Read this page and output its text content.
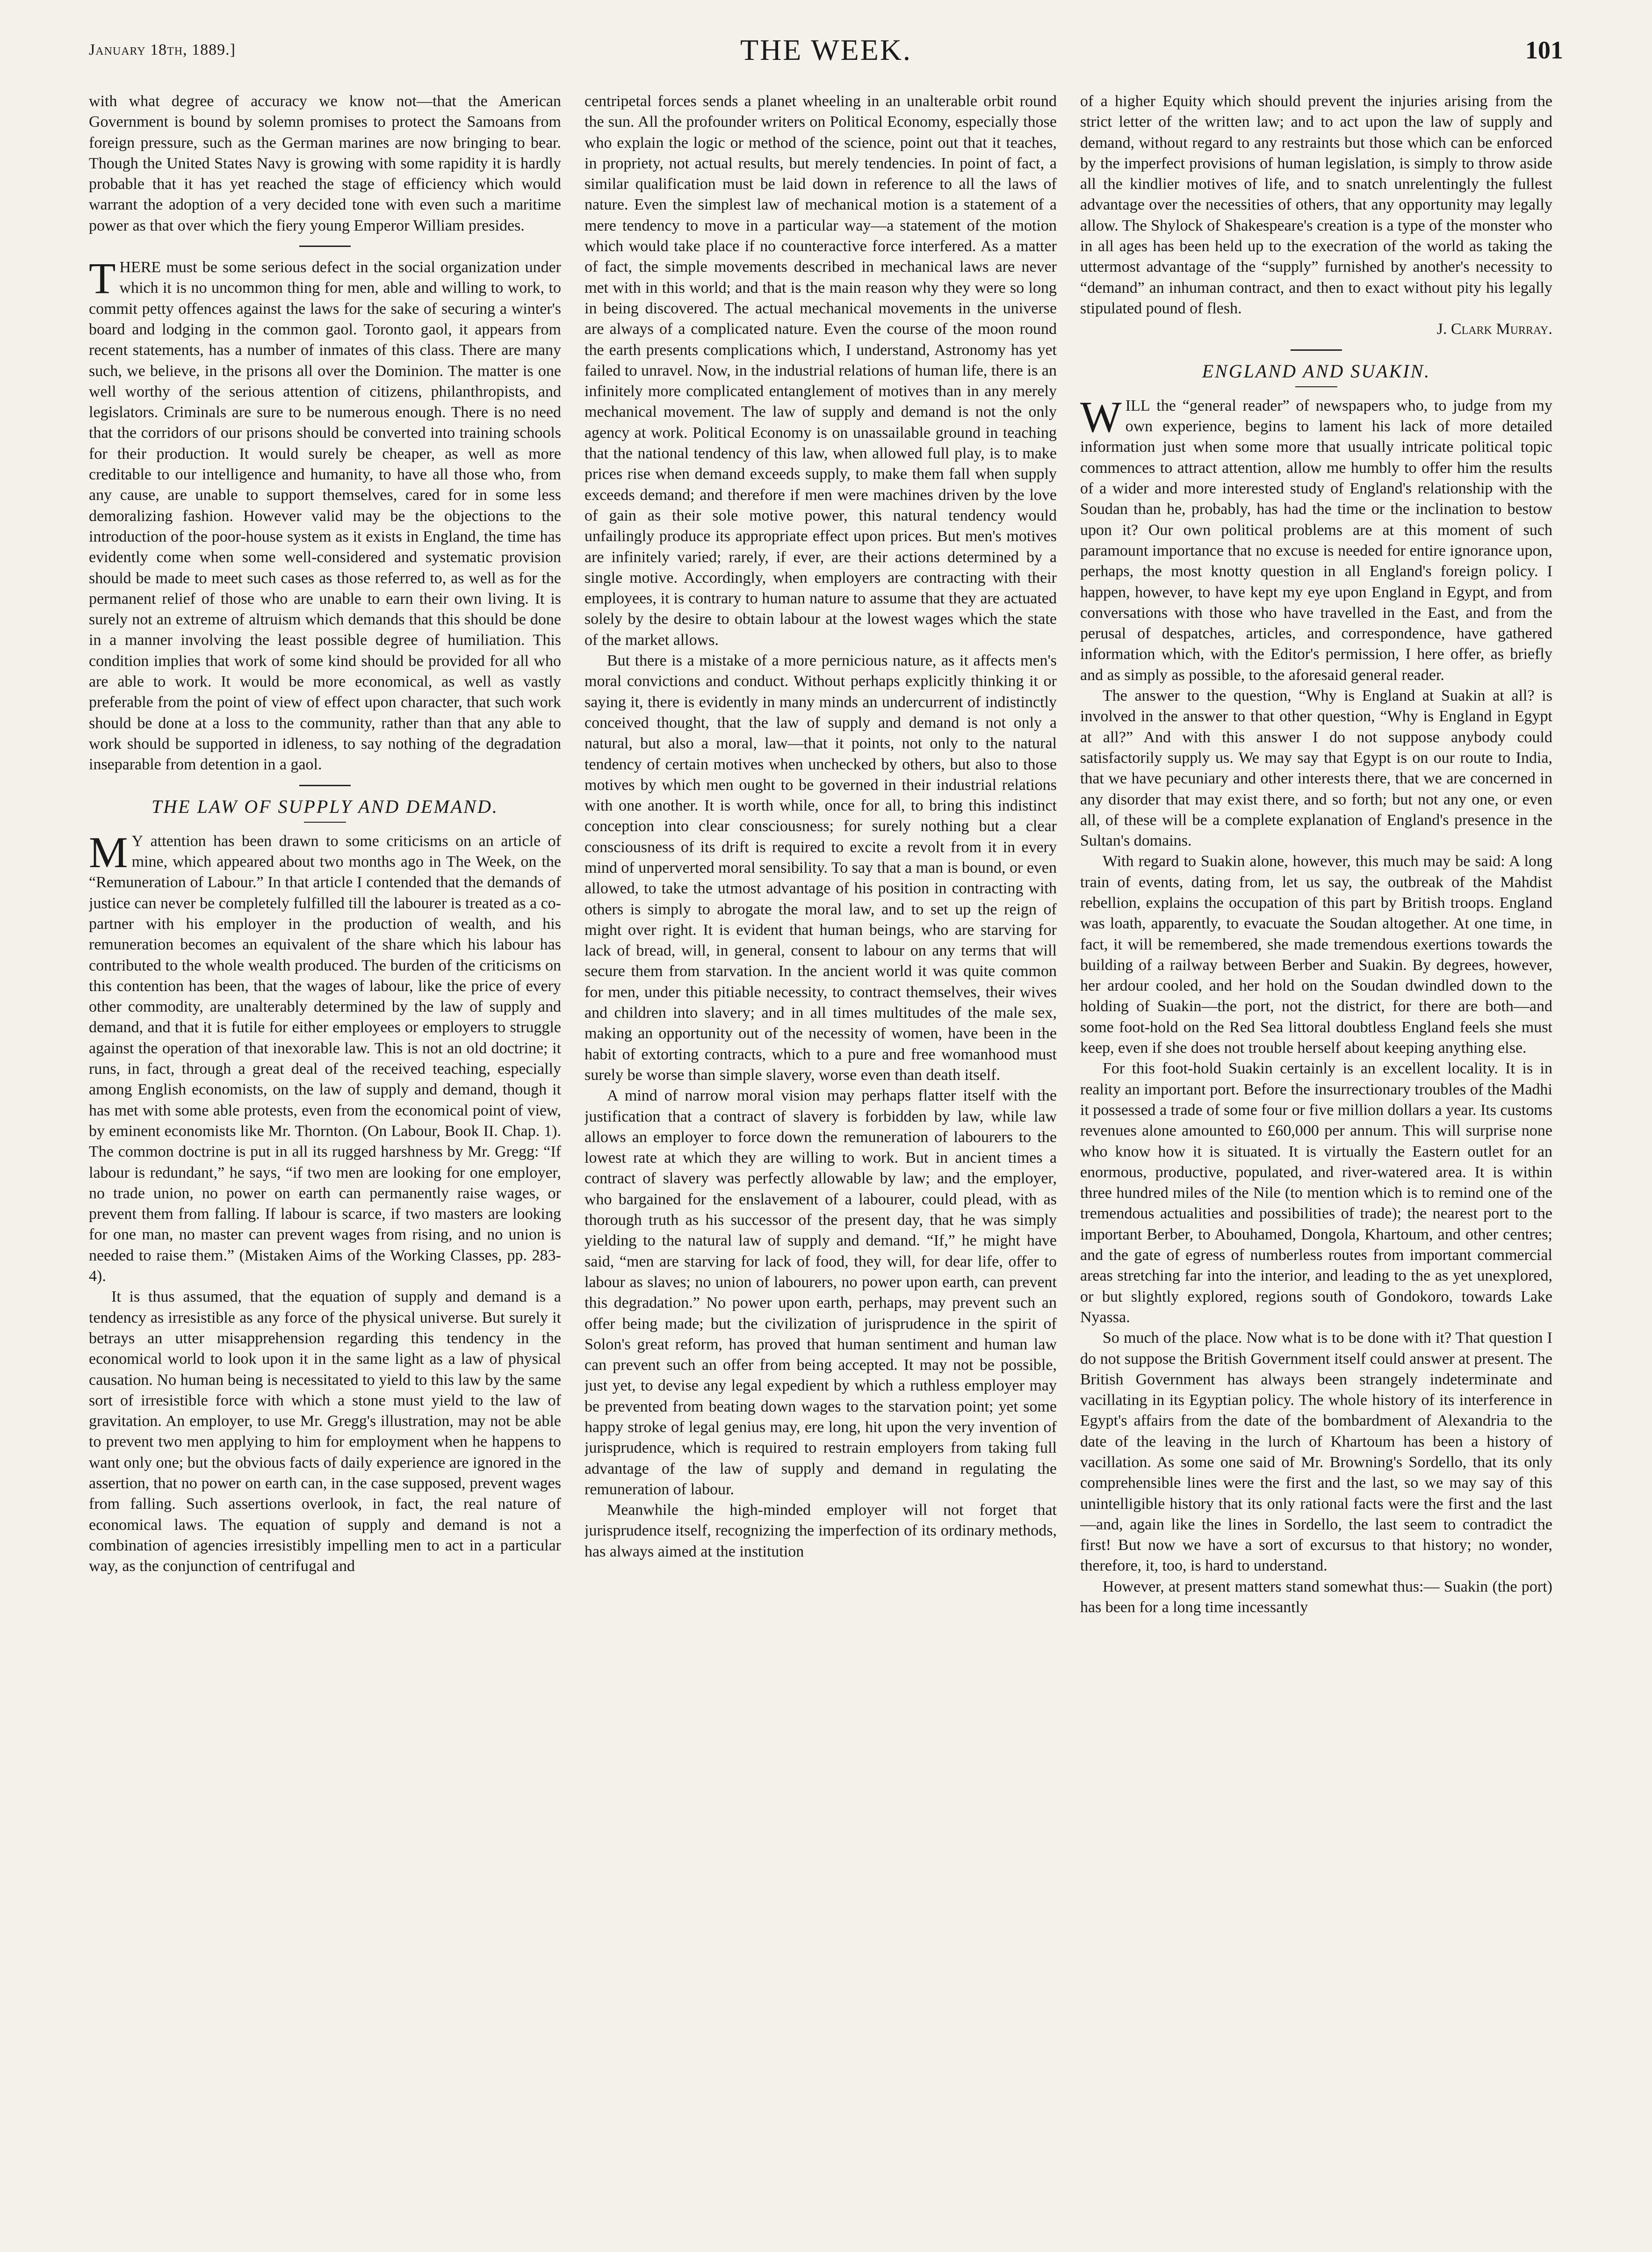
January 18th, 1889.]	THE WEEK.	101

with what degree of accuracy we know not—that the American Government is bound by solemn promises to protect the Samoans from foreign pressure, such as the German marines are now bringing to bear. Though the United States Navy is growing with some rapidity it is hardly probable that it has yet reached the stage of efficiency which would warrant the adoption of a very decided tone with even such a maritime power as that over which the fiery young Emperor William presides.

THERE must be some serious defect in the social organization under which it is no uncommon thing for men, able and willing to work, to commit petty offences against the laws for the sake of securing a winter's board and lodging in the common gaol. Toronto gaol, it appears from recent statements, has a number of inmates of this class. There are many such, we believe, in the prisons all over the Dominion. The matter is one well worthy of the serious attention of citizens, philanthropists, and legislators. Criminals are sure to be numerous enough. There is no need that the corridors of our prisons should be converted into training schools for their production. It would surely be cheaper, as well as more creditable to our intelligence and humanity, to have all those who, from any cause, are unable to support themselves, cared for in some less demoralizing fashion. However valid may be the objections to the introduction of the poor-house system as it exists in England, the time has evidently come when some well-considered and systematic provision should be made to meet such cases as those referred to, as well as for the permanent relief of those who are unable to earn their own living. It is surely not an extreme of altruism which demands that this should be done in a manner involving the least possible degree of humiliation. This condition implies that work of some kind should be provided for all who are able to work. It would be more economical, as well as vastly preferable from the point of view of effect upon character, that such work should be done at a loss to the community, rather than that any able to work should be supported in idleness, to say nothing of the degradation inseparable from detention in a gaol.

THE LAW OF SUPPLY AND DEMAND.

M Y attention has been drawn to some criticisms on an article of mine, which appeared about two months ago in The Week, on the “Remuneration of Labour.” In that article I contended that the demands of justice can never be completely fulfilled till the labourer is treated as a co-partner with his employer in the production of wealth, and his remuneration becomes an equivalent of the share which his labour has contributed to the whole wealth produced. The burden of the criticisms on this contention has been, that the wages of labour, like the price of every other commodity, are unalterably determined by the law of supply and demand, and that it is futile for either employees or employers to struggle against the operation of that inexorable law. This is not an old doctrine; it runs, in fact, through a great deal of the received teaching, especially among English economists, on the law of supply and demand, though it has met with some able protests, even from the economical point of view, by eminent economists like Mr. Thornton. (On Labour, Book II. Chap. 1). The common doctrine is put in all its rugged harshness by Mr. Gregg: “If labour is redundant,” he says, “if two men are looking for one employer, no trade union, no power on earth can permanently raise wages, or prevent them from falling. If labour is scarce, if two masters are looking for one man, no master can prevent wages from rising, and no union is needed to raise them.” (Mistaken Aims of the Working Classes, pp. 283-4).

It is thus assumed, that the equation of supply and demand is a tendency as irresistible as any force of the physical universe. But surely it betrays an utter misapprehension regarding this tendency in the economical world to look upon it in the same light as a law of physical causation. No human being is necessitated to yield to this law by the same sort of irresistible force with which a stone must yield to the law of gravitation. An employer, to use Mr. Gregg's illustration, may not be able to prevent two men applying to him for employment when he happens to want only one; but the obvious facts of daily experience are ignored in the assertion, that no power on earth can, in the case supposed, prevent wages from falling. Such assertions overlook, in fact, the real nature of economical laws. The equation of supply and demand is not a combination of agencies irresistibly impelling men to act in a particular way, as the conjunction of centrifugal and

centripetal forces sends a planet wheeling in an unalterable orbit round the sun. All the profounder writers on Political Economy, especially those who explain the logic or method of the science, point out that it teaches, in propriety, not actual results, but merely tendencies. In point of fact, a similar qualification must be laid down in reference to all the laws of nature. Even the simplest law of mechanical motion is a statement of a mere tendency to move in a particular way—a statement of the motion which would take place if no counteractive force interfered. As a matter of fact, the simple movements described in mechanical laws are never met with in this world; and that is the main reason why they were so long in being discovered. The actual mechanical movements in the universe are always of a complicated nature. Even the course of the moon round the earth presents complications which, I understand, Astronomy has yet failed to unravel. Now, in the industrial relations of human life, there is an infinitely more complicated entanglement of motives than in any merely mechanical movement. The law of supply and demand is not the only agency at work. Political Economy is on unassailable ground in teaching that the national tendency of this law, when allowed full play, is to make prices rise when demand exceeds supply, to make them fall when supply exceeds demand; and therefore if men were machines driven by the love of gain as their sole motive power, this natural tendency would unfailingly produce its appropriate effect upon prices. But men's motives are infinitely varied; rarely, if ever, are their actions determined by a single motive. Accordingly, when employers are contracting with their employees, it is contrary to human nature to assume that they are actuated solely by the desire to obtain labour at the lowest wages which the state of the market allows.

But there is a mistake of a more pernicious nature, as it affects men's moral convictions and conduct. Without perhaps explicitly thinking it or saying it, there is evidently in many minds an undercurrent of indistinctly conceived thought, that the law of supply and demand is not only a natural, but also a moral, law—that it points, not only to the natural tendency of certain motives when unchecked by others, but also to those motives by which men ought to be governed in their industrial relations with one another. It is worth while, once for all, to bring this indistinct conception into clear consciousness; for surely nothing but a clear consciousness of its drift is required to excite a revolt from it in every mind of unperverted moral sensibility. To say that a man is bound, or even allowed, to take the utmost advantage of his position in contracting with others is simply to abrogate the moral law, and to set up the reign of might over right. It is evident that human beings, who are starving for lack of bread, will, in general, consent to labour on any terms that will secure them from starvation. In the ancient world it was quite common for men, under this pitiable necessity, to contract themselves, their wives and children into slavery; and in all times multitudes of the male sex, making an opportunity out of the necessity of women, have been in the habit of extorting contracts, which to a pure and free womanhood must surely be worse than simple slavery, worse even than death itself.

A mind of narrow moral vision may perhaps flatter itself with the justification that a contract of slavery is forbidden by law, while law allows an employer to force down the remuneration of labourers to the lowest rate at which they are willing to work. But in ancient times a contract of slavery was perfectly allowable by law; and the employer, who bargained for the enslavement of a labourer, could plead, with as thorough truth as his successor of the present day, that he was simply yielding to the natural law of supply and demand. “If,” he might have said, “men are starving for lack of food, they will, for dear life, offer to labour as slaves; no union of labourers, no power upon earth, can prevent this degradation.” No power upon earth, perhaps, may prevent such an offer being made; but the civilization of jurisprudence in the spirit of Solon's great reform, has proved that human sentiment and human law can prevent such an offer from being accepted. It may not be possible, just yet, to devise any legal expedient by which a ruthless employer may be prevented from beating down wages to the starvation point; yet some happy stroke of legal genius may, ere long, hit upon the very invention of jurisprudence, which is required to restrain employers from taking full advantage of the law of supply and demand in regulating the remuneration of labour.

Meanwhile the high-minded employer will not forget that jurisprudence itself, recognizing the imperfection of its ordinary methods, has always aimed at the institution

of a higher Equity which should prevent the injuries arising from the strict letter of the written law; and to act upon the law of supply and demand, without regard to any restraints but those which can be enforced by the imperfect provisions of human legislation, is simply to throw aside all the kindlier motives of life, and to snatch unrelentingly the fullest advantage over the necessities of others, that any opportunity may legally allow. The Shylock of Shakespeare's creation is a type of the monster who in all ages has been held up to the execration of the world as taking the uttermost advantage of the “supply” furnished by another's necessity to “demand” an inhuman contract, and then to exact without pity his legally stipulated pound of flesh.

J. Clark Murray.
ENGLAND AND SUAKIN.

WILL the “general reader” of newspapers who, to judge from my own experience, begins to lament his lack of more detailed information just when some more that usually intricate political topic commences to attract attention, allow me humbly to offer him the results of a wider and more interested study of England's relationship with the Soudan than he, probably, has had the time or the inclination to bestow upon it? Our own political problems are at this moment of such paramount importance that no excuse is needed for entire ignorance upon, perhaps, the most knotty question in all England's foreign policy. I happen, however, to have kept my eye upon England in Egypt, and from conversations with those who have travelled in the East, and from the perusal of despatches, articles, and correspondence, have gathered information which, with the Editor's permission, I here offer, as briefly and as simply as possible, to the aforesaid general reader.

The answer to the question, “Why is England at Suakin at all? is involved in the answer to that other question, “Why is England in Egypt at all?” And with this answer I do not suppose anybody could satisfactorily supply us. We may say that Egypt is on our route to India, that we have pecuniary and other interests there, that we are concerned in any disorder that may exist there, and so forth; but not any one, or even all, of these will be a complete explanation of England's presence in the Sultan's domains.

With regard to Suakin alone, however, this much may be said: A long train of events, dating from, let us say, the outbreak of the Mahdist rebellion, explains the occupation of this part by British troops. England was loath, apparently, to evacuate the Soudan altogether. At one time, in fact, it will be remembered, she made tremendous exertions towards the building of a railway between Berber and Suakin. By degrees, however, her ardour cooled, and her hold on the Soudan dwindled down to the holding of Suakin—the port, not the district, for there are both—and some foot-hold on the Red Sea littoral doubtless England feels she must keep, even if she does not trouble herself about keeping anything else.

For this foot-hold Suakin certainly is an excellent locality. It is in reality an important port. Before the insurrectionary troubles of the Madhi it possessed a trade of some four or five million dollars a year. Its customs revenues alone amounted to £60,000 per annum. This will surprise none who know how it is situated. It is virtually the Eastern outlet for an enormous, productive, populated, and river-watered area. It is within three hundred miles of the Nile (to mention which is to remind one of the tremendous actualities and possibilities of trade); the nearest port to the important Berber, to Abouhamed, Dongola, Khartoum, and other centres; and the gate of egress of numberless routes from important commercial areas stretching far into the interior, and leading to the as yet unexplored, or but slightly explored, regions south of Gondokoro, towards Lake Nyassa.

So much of the place. Now what is to be done with it? That question I do not suppose the British Government itself could answer at present. The British Government has always been strangely indeterminate and vacillating in its Egyptian policy. The whole history of its interference in Egypt's affairs from the date of the bombardment of Alexandria to the date of the leaving in the lurch of Khartoum has been a history of vacillation. As some one said of Mr. Browning's Sordello, that its only comprehensible lines were the first and the last, so we may say of this unintelligible history that its only rational facts were the first and the last—and, again like the lines in Sordello, the last seem to contradict the first! But now we have a sort of excursus to that history; no wonder, therefore, it, too, is hard to understand.

However, at present matters stand somewhat thus:— Suakin (the port) has been for a long time incessantly
